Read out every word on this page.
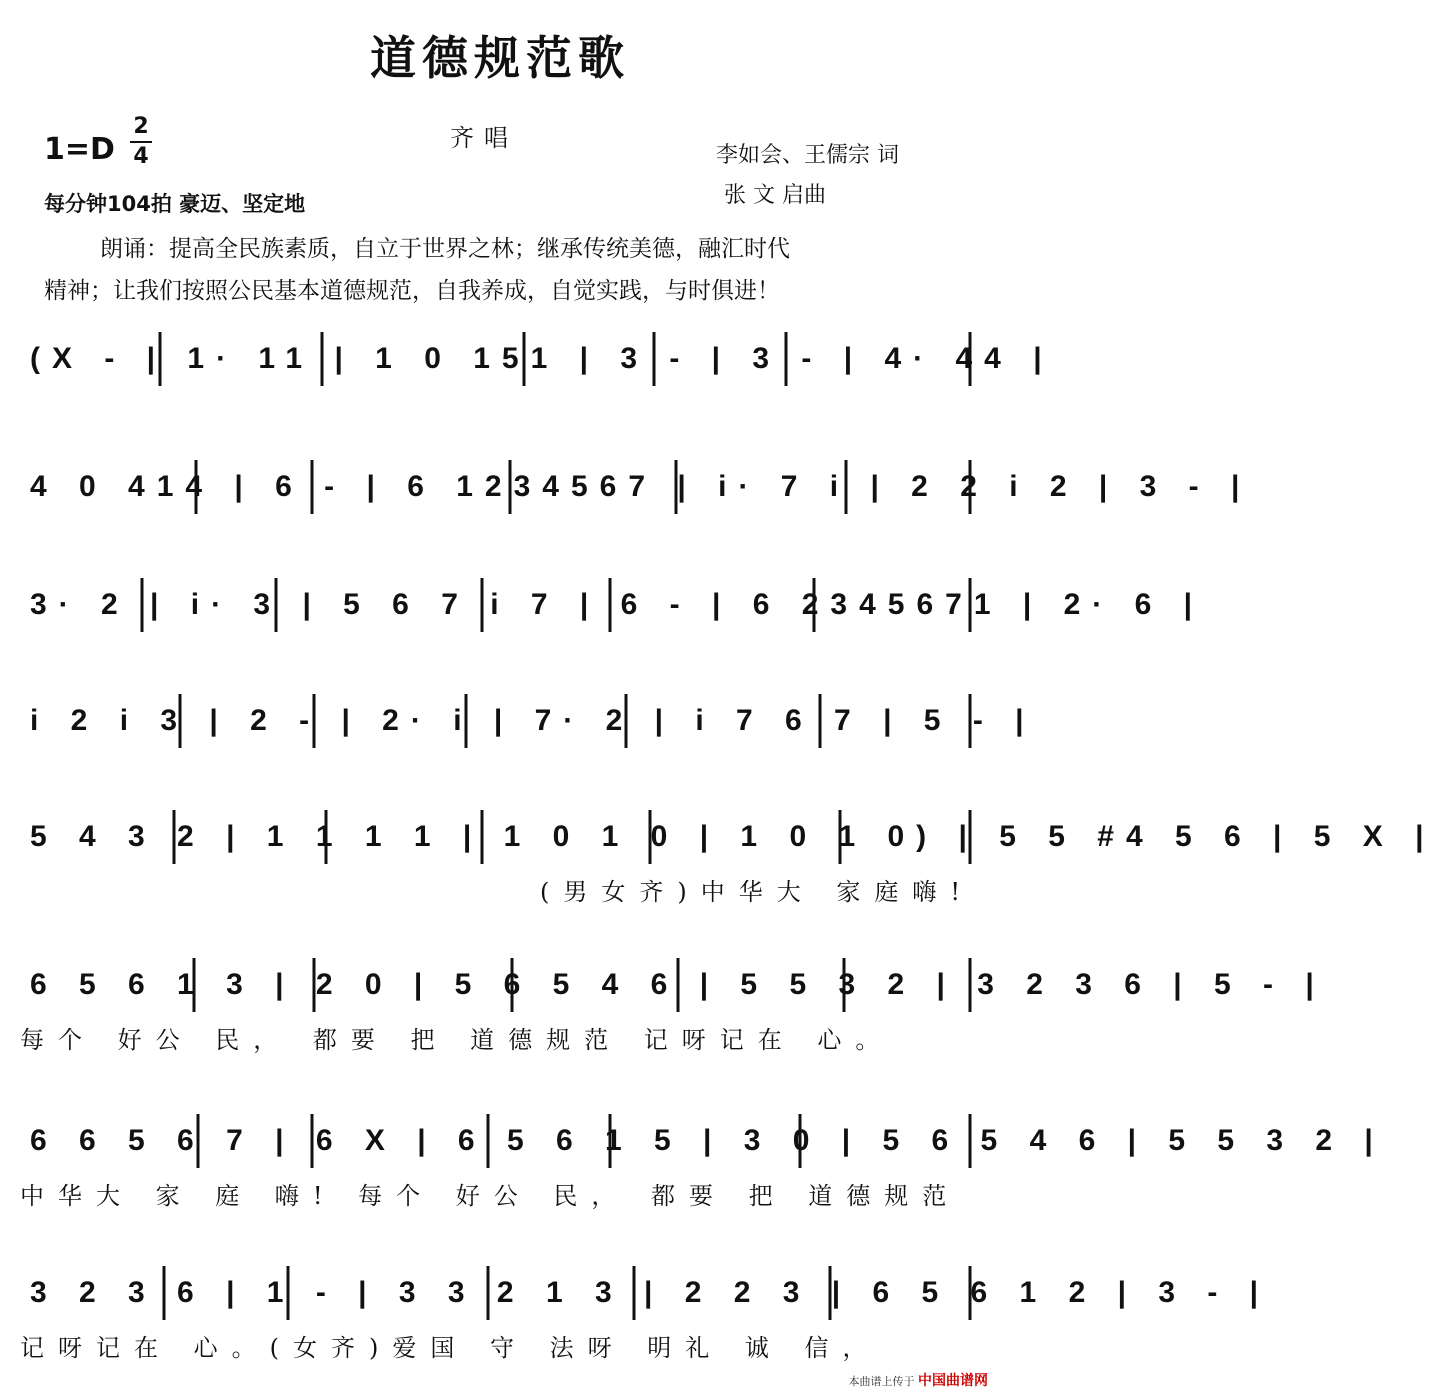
道德规范歌
齐唱
1=D
2
4
每分钟104拍 豪迈、坚定地
李如会、王儒宗 词
张 文 启曲
朗诵：提高全民族素质，自立于世界之林；继承传统美德，融汇时代
精神；让我们按照公民基本道德规范，自我养成，自觉实践，与时俱进！
(X - | 1· 11 | 1 0 151 | 3 - | 3 - | 4· 44 |
4 0 414 | 6 - | 6 1234567 | i· 7 i | 2 2 i 2 | 3 - |
3· 2 | i· 3 | 5 6 7 i 7 | 6 - | 6 2345671 | 2· 6 |
i 2 i 3 | 2 - | 2· i | 7· 2 | i 7 6 7 | 5 - |
5 4 3 2 | 1 1 1 1 | 1 0 1 0 | 1 0 1 0) | 5 5 #4 5 6 | 5 X |
(男女齐)中华大 家庭嗨!
6 5 6 1 3 | 2 0 | 5 6 5 4 6 | 5 5 3 2 | 3 2 3 6 | 5 - |
每个 好公 民， 都要 把 道德规范 记呀记在 心。
6 6 5 6 7 | 6 X | 6 5 6 1 5 | 3 0 | 5 6 5 4 6 | 5 5 3 2 |
中华大 家 庭 嗨! 每个 好公 民， 都要 把 道德规范
3 2 3 6 | 1 - | 3 3 2 1 3 | 2 2 3 | 6 5 6 1 2 | 3 - |
记呀记在 心。(女齐)爱国 守 法呀 明礼 诚 信，
本曲谱上传于 中国曲谱网
